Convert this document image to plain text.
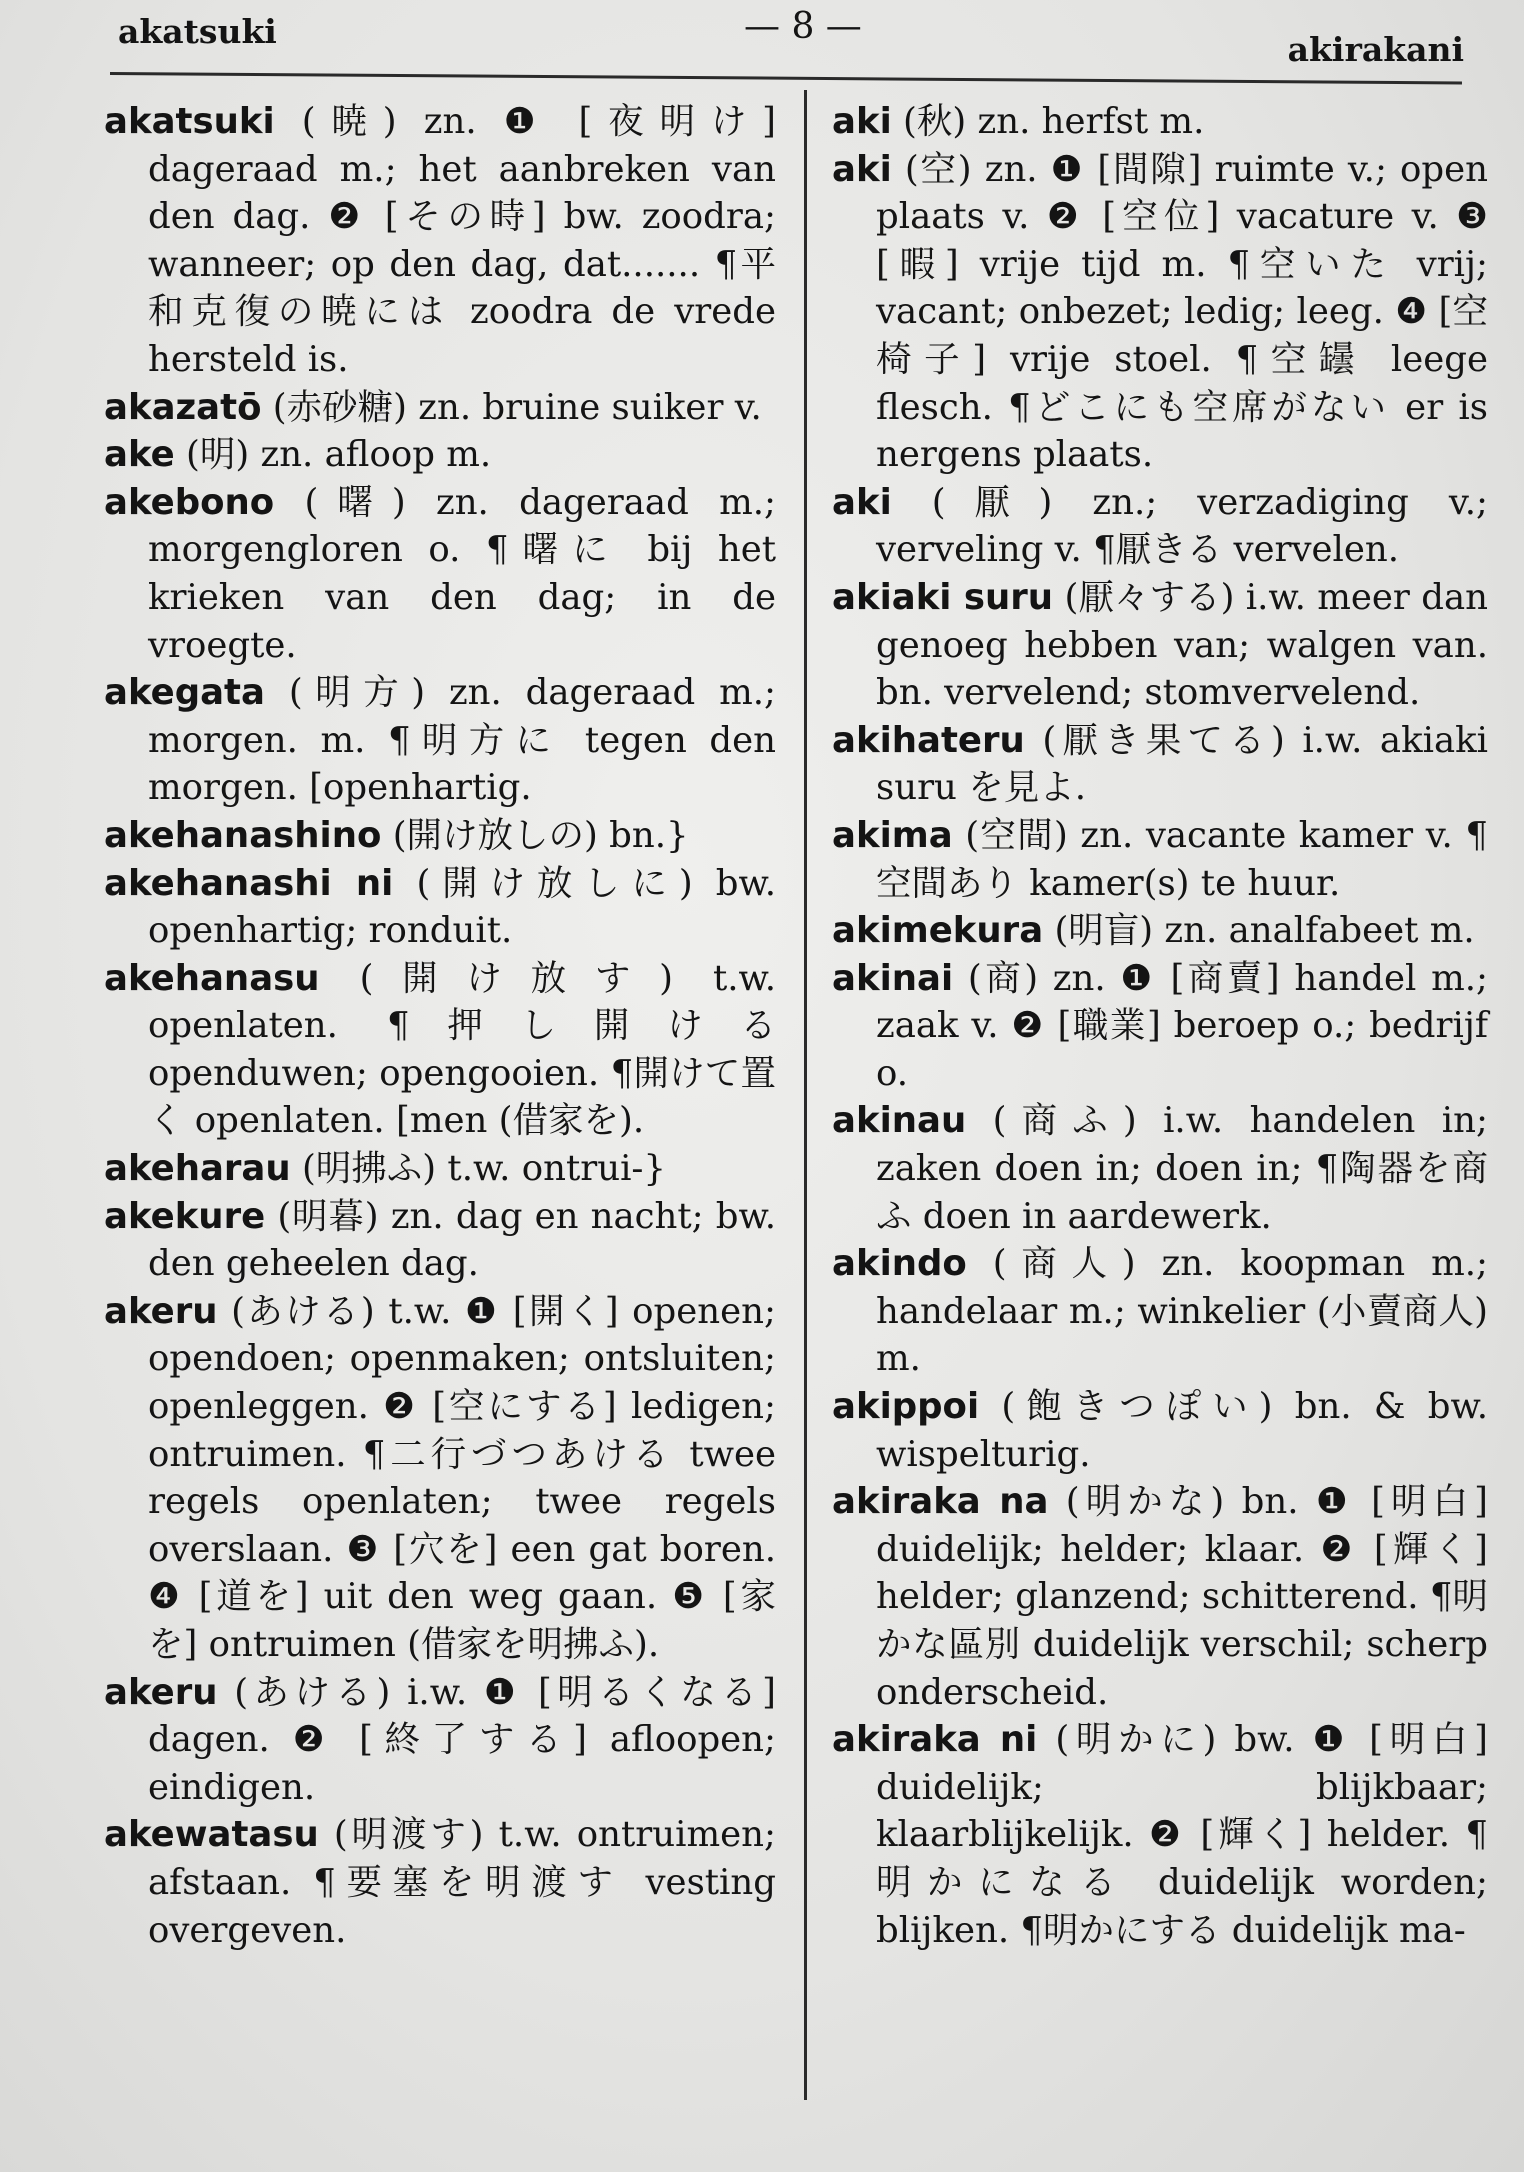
akatsuki	— 8 —
akirakani

akatsuki (暁) zn. ❶ [夜明け] dageraad m.; het aanbreken van den dag. ❷ [その時] bw. zoodra; wanneer; op den dag, dat....... ¶平和克復の暁には zoodra de vrede hersteld is.

akazatō (赤砂糖) zn. bruine suiker v.

ake (明) zn. afloop m.

akebono (曙) zn. dageraad m.; morgengloren o. ¶曙に bij het krieken van den dag; in de vroegte.

akegata (明方) zn. dageraad m.; morgen. m. ¶明方に tegen den morgen. [openhartig.

akehanashino (開け放しの) bn.}

akehanashi ni (開け放しに) bw. openhartig; ronduit.

akehanasu (開け放す) t.w. openlaten. ¶押し開ける openduwen; opengooien. ¶開けて置く openlaten. [men (借家を).

akeharau (明拂ふ) t.w. ontrui-}

akekure (明暮) zn. dag en nacht; bw. den geheelen dag.

akeru (あける) t.w. ❶ [開く] openen; opendoen; openmaken; ontsluiten; openleggen. ❷ [空にする] ledigen; ontruimen. ¶二行づつあける twee regels openlaten; twee regels overslaan. ❸ [穴を] een gat boren. ❹ [道を] uit den weg gaan. ❺ [家を] ontruimen (借家を明拂ふ).

akeru (あける) i.w. ❶ [明るくなる] dagen. ❷ [終了する] afloopen; eindigen.

akewatasu (明渡す) t.w. ontruimen; afstaan. ¶要塞を明渡す vesting overgeven.

aki (秋) zn. herfst m.

aki (空) zn. ❶ [間隙] ruimte v.; open plaats v. ❷ [空位] vacature v. ❸ [暇] vrije tijd m. ¶空いた vrij; vacant; onbezet; ledig; leeg. ❹ [空椅子] vrije stoel. ¶空罎 leege flesch. ¶どこにも空席がない er is nergens plaats.

aki (厭) zn.; verzadiging v.; verveling v. ¶厭きる vervelen.

akiaki suru (厭々する) i.w. meer dan genoeg hebben van; walgen van. bn. vervelend; stomvervelend.

akihateru (厭き果てる) i.w. akiaki suru を見よ.

akima (空間) zn. vacante kamer v. ¶空間あり kamer(s) te huur.

akimekura (明盲) zn. analfabeet m.

akinai (商) zn. ❶ [商賣] handel m.; zaak v. ❷ [職業] beroep o.; bedrijf o.

akinau (商ふ) i.w. handelen in; zaken doen in; doen in; ¶陶器を商ふ doen in aardewerk.

akindo (商人) zn. koopman m.; handelaar m.; winkelier (小賣商人) m.

akippoi (飽きつぽい) bn. & bw. wispelturig.

akiraka na (明かな) bn. ❶ [明白] duidelijk; helder; klaar. ❷ [輝く] helder; glanzend; schitterend. ¶明かな區別 duidelijk verschil; scherp onderscheid.

akiraka ni (明かに) bw. ❶ [明白] duidelijk; blijkbaar; klaarblijkelijk. ❷ [輝く] helder. ¶明かになる duidelijk worden; blijken. ¶明かにする duidelijk ma-
